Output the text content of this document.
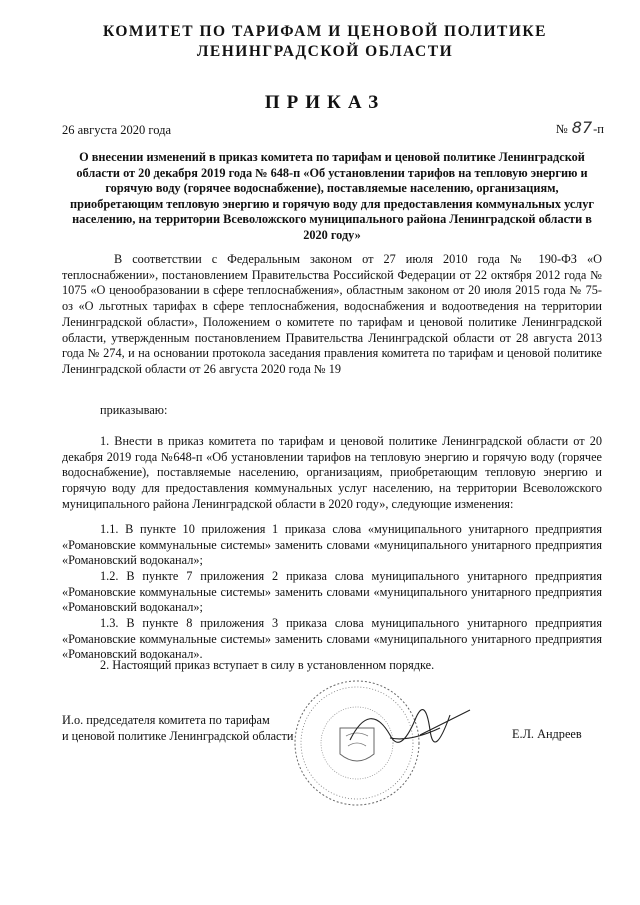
КОМИТЕТ ПО ТАРИФАМ И ЦЕНОВОЙ ПОЛИТИКЕ
ЛЕНИНГРАДСКОЙ ОБЛАСТИ
ПРИКАЗ
26 августа 2020 года	№ 87-п
О внесении изменений в приказ комитета по тарифам и ценовой политике Ленинградской области от 20 декабря 2019 года № 648-п «Об установлении тарифов на тепловую энергию и горячую воду (горячее водоснабжение), поставляемые населению, организациям, приобретающим тепловую энергию и горячую воду для предоставления коммунальных услуг населению, на территории Всеволожского муниципального района Ленинградской области в 2020 году»
В соответствии с Федеральным законом от 27 июля 2010 года № 190-ФЗ «О теплоснабжении», постановлением Правительства Российской Федерации от 22 октября 2012 года № 1075 «О ценообразовании в сфере теплоснабжения», областным законом от 20 июля 2015 года № 75-оз «О льготных тарифах в сфере теплоснабжения, водоснабжения и водоотведения на территории Ленинградской области», Положением о комитете по тарифам и ценовой политике Ленинградской области, утвержденным постановлением Правительства Ленинградской области от 28 августа 2013 года № 274, и на основании протокола заседания правления комитета по тарифам и ценовой политике Ленинградской области от 26 августа 2020 года № 19
приказываю:
1. Внести в приказ комитета по тарифам и ценовой политике Ленинградской области от 20 декабря 2019 года №648-п «Об установлении тарифов на тепловую энергию и горячую воду (горячее водоснабжение), поставляемые населению, организациям, приобретающим тепловую энергию и горячую воду для предоставления коммунальных услуг населению, на территории Всеволожского муниципального района Ленинградской области в 2020 году», следующие изменения:
1.1. В пункте 10 приложения 1 приказа слова «муниципального унитарного предприятия «Романовские коммунальные системы» заменить словами «муниципального унитарного предприятия «Романовский водоканал»;
1.2. В пункте 7 приложения 2 приказа слова муниципального унитарного предприятия «Романовские коммунальные системы» заменить словами «муниципального унитарного предприятия «Романовский водоканал»;
1.3. В пункте 8 приложения 3 приказа слова муниципального унитарного предприятия «Романовские коммунальные системы» заменить словами «муниципального унитарного предприятия «Романовский водоканал».
2. Настоящий приказ вступает в силу в установленном порядке.
И.о. председателя комитета по тарифам
и ценовой политике Ленинградской области	Е.Л. Андреев
